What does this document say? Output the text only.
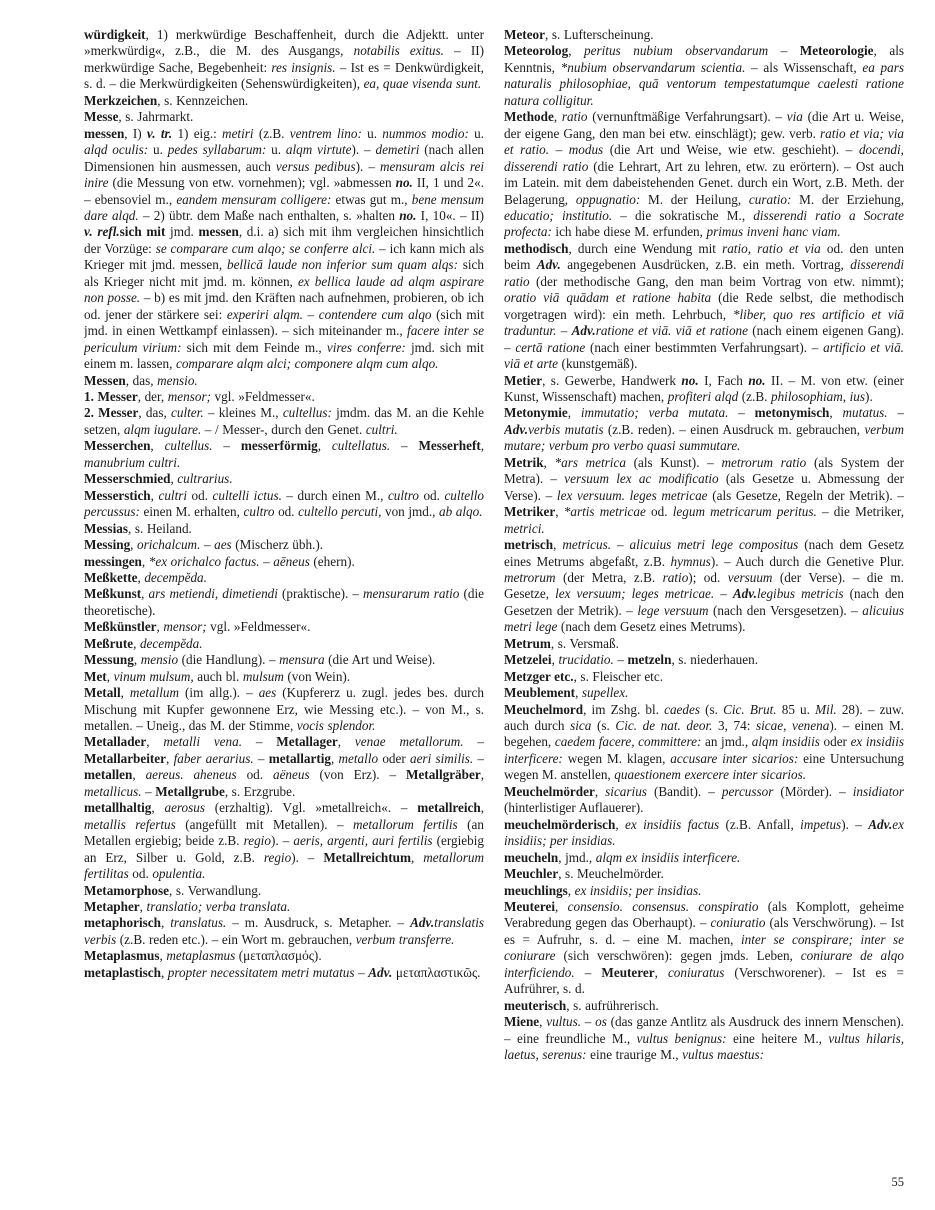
würdigkeit, 1) merkwürdige Beschaffenheit, durch die Adjektt. unter »merkwürdig«, z.B., die M. des Ausgangs, notabilis exitus. – II) merkwürdige Sache, Begebenheit: res insignis. – Ist es = Denkwürdigkeit, s. d. – die Merkwürdigkeiten (Sehenswürdigkeiten), ea, quae visenda sunt.

Merkzeichen, s. Kennzeichen.

Messe, s. Jahrmarkt.

messen, I) v. tr. 1) eig.: metiri (z.B. ventrem lino: u. nummos modio: u. alqd oculis: u. pedes syllabarum: u. alqm virtute). – demetiri (nach allen Dimensionen hin ausmessen, auch versus pedibus). – mensuram alcis rei inire (die Messung von etw. vornehmen); vgl. »abmessen no. II, 1 und 2«. – ebensoviel m., eandem mensuram colligere: etwas gut m., bene mensum dare alqd. – 2) übtr. dem Maße nach enthalten, s. »halten no. I, 10«. – II) v. refl.sich mit jmd. messen, d.i. a) sich mit ihm vergleichen hinsichtlich der Vorzüge: se comparare cum alqo; se conferre alci. – ich kann mich als Krieger mit jmd. messen, bellicā laude non inferior sum quam alqs: sich als Krieger nicht mit jmd. m. können, ex bellica laude ad alqm aspirare non posse. – b) es mit jmd. den Kräften nach aufnehmen, probieren, ob ich od. jener der stärkere sei: experiri alqm. – contendere cum alqo (sich mit jmd. in einen Wettkampf einlassen). – sich miteinander m., facere inter se periculum virium: sich mit dem Feinde m., vires conferre: jmd. sich mit einem m. lassen, comparare alqm alci; componere alqm cum alqo.

Messen, das, mensio.

1. Messer, der, mensor; vgl. »Feldmesser«.

2. Messer, das, culter. – kleines M., cultellus: jmdm. das M. an die Kehle setzen, alqm iugulare. – / Messer-, durch den Genet. cultri.

Messerchen, cultellus. – messerförmig, cultellatus. – Messerheft, manubrium cultri.

Messerschmied, cultrarius.

Messerstich, cultri od. cultelli ictus. – durch einen M., cultro od. cultello percussus: einen M. erhalten, cultro od. cultello percuti, von jmd., ab alqo.

Messias, s. Heiland.

Messing, orichalcum. – aes (Mischerz übh.).

messingen, *ex orichalco factus. – aēneus (ehern).

Meßkette, decempĕda.

Meßkunst, ars metiendi, dimetiendi (praktische). – mensurarum ratio (die theoretische).

Meßkünstler, mensor; vgl. »Feldmesser«.

Meßrute, decempĕda.

Messung, mensio (die Handlung). – mensura (die Art und Weise).

Met, vinum mulsum, auch bl. mulsum (von Wein).

Metall, metallum (im allg.). – aes (Kupfererz u. zugl. jedes bes. durch Mischung mit Kupfer gewonnene Erz, wie Messing etc.). – von M., s. metallen. – Uneig., das M. der Stimme, vocis splendor.

Metallader, metalli vena. – Metallager, venae metallorum. – Metallarbeiter, faber aerarius. – metallartig, metallo oder aeri similis. – metallen, aereus. aheneus od. aëneus (von Erz). – Metallgräber, metallicus. – Metallgrube, s. Erzgrube.

metallhaltig, aerosus (erzhaltig). Vgl. »metallreich«. – metallreich, metallis refertus (angefüllt mit Metallen). – metallorum fertilis (an Metallen ergiebig; beide z.B. regio). – aeris, argenti, auri fertilis (ergiebig an Erz, Silber u. Gold, z.B. regio). – Metallreichtum, metallorum fertilitas od. opulentia.

Metamorphose, s. Verwandlung.

Metapher, translatio; verba translata.

metaphorisch, translatus. – m. Ausdruck, s. Metapher. – Adv.translatis verbis (z.B. reden etc.). – ein Wort m. gebrauchen, verbum transferre.

Metaplasmus, metaplasmus (μεταπλασμός).

metaplastisch, propter necessitatem metri mutatus – Adv. μεταπλαστικῶς.

Meteor, s. Lufterscheinung.

Meteorolog, peritus nubium observandarum – Meteorologie, als Kenntnis, *nubium observandarum scientia. – als Wissenschaft, ea pars naturalis philosophiae, quā ventorum tempestatumque caelesti ratione natura colligitur.

Methode, ratio (vernunftmäßige Verfahrungsart). – via (die Art u. Weise, der eigene Gang, den man bei etw. einschlägt); gew. verb. ratio et via; via et ratio. – modus (die Art und Weise, wie etw. geschieht). – docendi, disserendi ratio (die Lehrart, Art zu lehren, etw. zu erörtern). – Ost auch im Latein. mit dem dabeistehenden Genet. durch ein Wort, z.B. Meth. der Belagerung, oppugnatio: M. der Heilung, curatio: M. der Erziehung, educatio; institutio. – die sokratische M., disserendi ratio a Socrate profecta: ich habe diese M. erfunden, primus inveni hanc viam.

methodisch, durch eine Wendung mit ratio, ratio et via od. den unten beim Adv. angegebenen Ausdrücken, z.B. ein meth. Vortrag, disserendi ratio (der methodische Gang, den man beim Vortrag von etw. nimmt); oratio viā quādam et ratione habita (die Rede selbst, die methodisch vorgetragen wird): ein meth. Lehrbuch, *liber, quo res artificio et viā traduntur. – Adv.ratione et viā. viā et ratione (nach einem eigenen Gang). – certā ratione (nach einer bestimmten Verfahrungsart). – artificio et viā. viā et arte (kunstgemäß).

Metier, s. Gewerbe, Handwerk no. I, Fach no. II. – M. von etw. (einer Kunst, Wissenschaft) machen, profiteri alqd (z.B. philosophiam, ius).

Metonymie, immutatio; verba mutata. – metonymisch, mutatus. – Adv.verbis mutatis (z.B. reden). – einen Ausdruck m. gebrauchen, verbum mutare; verbum pro verbo quasi summutare.

Metrik, *ars metrica (als Kunst). – metrorum ratio (als System der Metra). – versuum lex ac modificatio (als Gesetze u. Abmessung der Verse). – lex versuum. leges metricae (als Gesetze, Regeln der Metrik). – Metriker, *artis metricae od. legum metricarum peritus. – die Metriker, metrici.

metrisch, metricus. – alicuius metri lege compositus (nach dem Gesetz eines Metrums abgefaßt, z.B. hymnus). – Auch durch die Genetive Plur. metrorum (der Metra, z.B. ratio); od. versuum (der Verse). – die m. Gesetze, lex versuum; leges metricae. – Adv.legibus metricis (nach den Gesetzen der Metrik). – lege versuum (nach den Versgesetzen). – alicuius metri lege (nach dem Gesetz eines Metrums).

Metrum, s. Versmaß.

Metzelei, trucidatio. – metzeln, s. niederhauen.

Metzger etc., s. Fleischer etc.

Meublement, supellex.

Meuchelmord, im Zshg. bl. caedes (s. Cic. Brut. 85 u. Mil. 28). – zuw. auch durch sica (s. Cic. de nat. deor. 3, 74: sicae, venena). – einen M. begehen, caedem facere, committere: an jmd., alqm insidiis oder ex insidiis interficere: wegen M. klagen, accusare inter sicarios: eine Untersuchung wegen M. anstellen, quaestionem exercere inter sicarios.

Meuchelmörder, sicarius (Bandit). – percussor (Mörder). – insidiator (hinterlistiger Auflauerer).

meuchelmörderisch, ex insidiis factus (z.B. Anfall, impetus). – Adv.ex insidiis; per insidias.

meucheln, jmd., alqm ex insidiis interficere.

Meuchler, s. Meuchelmörder.

meuchlings, ex insidiis; per insidias.

Meuterei, consensio. consensus. conspiratio (als Komplott, geheime Verabredung gegen das Oberhaupt). – coniuratio (als Verschwörung). – Ist es = Aufruhr, s. d. – eine M. machen, inter se conspirare; inter se coniurare (sich verschwören): gegen jmds. Leben, coniurare de alqo interficiendo. – Meuterer, coniuratus (Verschworener). – Ist es = Aufrührer, s. d.

meuterisch, s. aufrührerisch.

Miene, vultus. – os (das ganze Antlitz als Ausdruck des innern Menschen). – eine freundliche M., vultus benignus: eine heitere M., vultus hilaris, laetus, serenus: eine traurige M., vultus maestus:

55
